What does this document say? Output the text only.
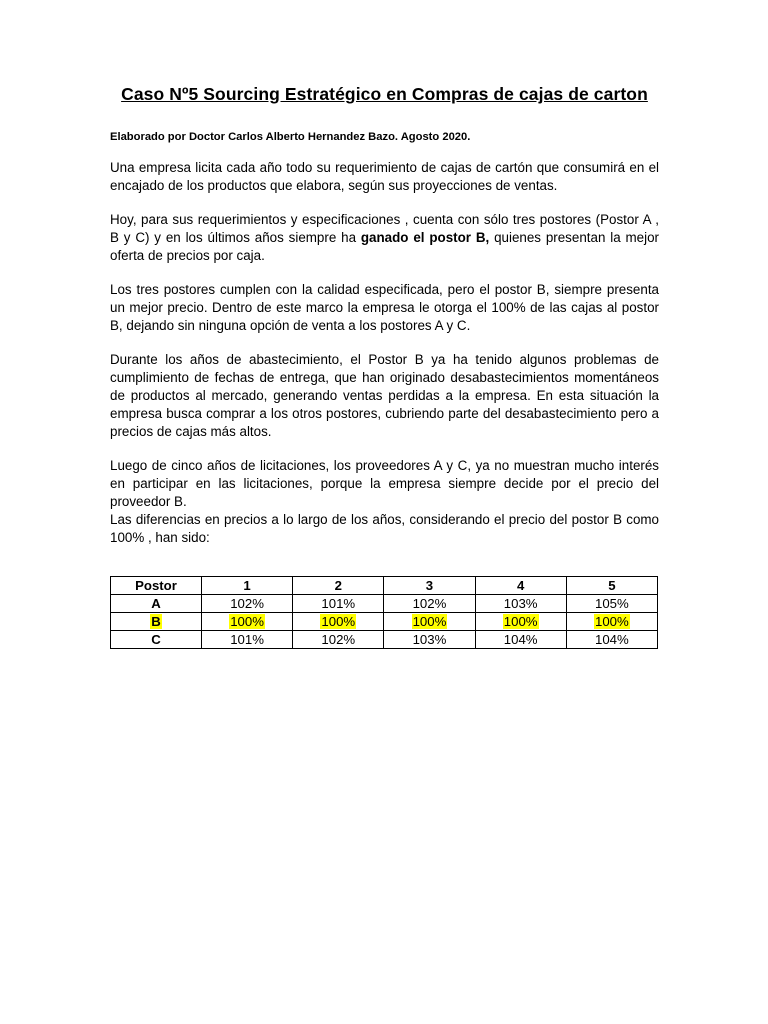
Caso Nº5 Sourcing Estratégico en Compras de cajas de carton
Elaborado por Doctor Carlos Alberto Hernandez Bazo. Agosto 2020.

Una empresa licita cada año todo su requerimiento de cajas de cartón que consumirá en el encajado de los productos que elabora, según sus proyecciones de ventas.

Hoy, para sus requerimientos y especificaciones , cuenta con sólo tres postores (Postor A , B y C) y en los últimos años siempre ha ganado el postor B, quienes presentan la mejor oferta de precios por caja.

Los tres postores cumplen con la calidad especificada, pero el postor B, siempre presenta un mejor precio. Dentro de este marco la empresa le otorga el 100% de las cajas al postor B, dejando sin ninguna opción de venta a los postores A y C.

Durante los años de abastecimiento, el Postor B ya ha tenido algunos problemas de cumplimiento de fechas de entrega, que han originado desabastecimientos momentáneos de productos al mercado, generando ventas perdidas a la empresa. En esta situación la empresa busca comprar a los otros postores, cubriendo parte del desabastecimiento pero a precios de cajas más altos.

Luego de cinco años de licitaciones, los proveedores A y C, ya no muestran mucho interés en participar en las licitaciones, porque la empresa siempre decide por el precio del proveedor B.

Las diferencias en precios a lo largo de los años, considerando el precio del postor B como 100% , han sido:

Postor	1	2	3	4	5
A	102%	101%	102%	103%	105%
B	100%	100%	100%	100%	100%
C	101%	102%	103%	104%	104%
